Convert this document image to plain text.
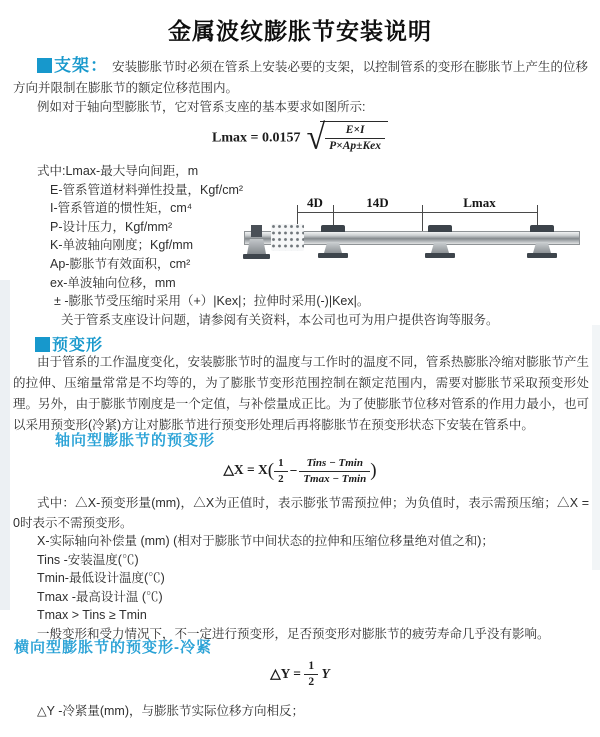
金属波纹膨胀节安装说明
支架： 安装膨胀节时必须在管系上安装必要的支架，以控制管系的变形在膨胀节上产生的位移方向并限制在膨胀节的额定位移范围内。
例如对于轴向型膨胀节，它对管系支座的基本要求如图所示:
Lmax = 0.0157 √ $\frac{E\times I}{\text{P×Ap±Kex}}$
式中:Lmax-最大导向间距，m
E-管系管道材料弹性投量，Kgf/cm²
I-管系管道的惯性矩，cm⁴
P-设计压力，Kgf/mm²
K-单波轴向刚度；Kgf/mm
Ap-膨胀节有效面积，cm²
ex-单波轴向位移，mm
± -膨胀节受压缩时采用（+）|Kex|；拉伸时采用(-)|Kex|。
关于管系支座设计问题，请参阅有关资料，本公司也可为用户提供咨询等服务。
4D	14D	Lmax
预变形
由于管系的工作温度变化，安装膨胀节时的温度与工作时的温度不同，管系热膨胀冷缩对膨胀节产生的拉伸、压缩量常常是不均等的，为了膨胀节变形范围控制在额定范围内，需要对膨胀节采取预变形处理。另外，由于膨胀节刚度是一个定值，与补偿量成正比。为了使膨胀节位移对管系的作用力最小，也可以采用预变形(冷紧)方让对膨胀节进行预变形处理后再将膨胀节在预变形状态下安装在管系中。
轴向型膨胀节的预变形
△X = $X( \frac{1}{2} - \frac{\text{Tins − Tmin}}{Tmax - Tmin}$ )
式中：△X-预变形量(mm)，△X为正值时，表示膨张节需预拉伸；为负值时，表示需预压缩；△X = 0时表示不需预变形。
X-实际轴向补偿量 (mm) (相对于膨胀节中间状态的拉伸和压缩位移量绝对值之和)；
Tins -安装温度(℃)
Tmin-最低设计温度(℃)
Tmax -最高设计温 (℃)
Tmax > Tins ≥ Tmin
一般变形和受力情况下，不一定进行预变形，足否预变形对膨胀节的疲劳寿命几乎没有影响。
横向型膨胀节的预变形-冷紧
△Y = $\frac{1}{2}$ Y
△Y -冷紧量(mm)，与膨胀节实际位移方向相反；
